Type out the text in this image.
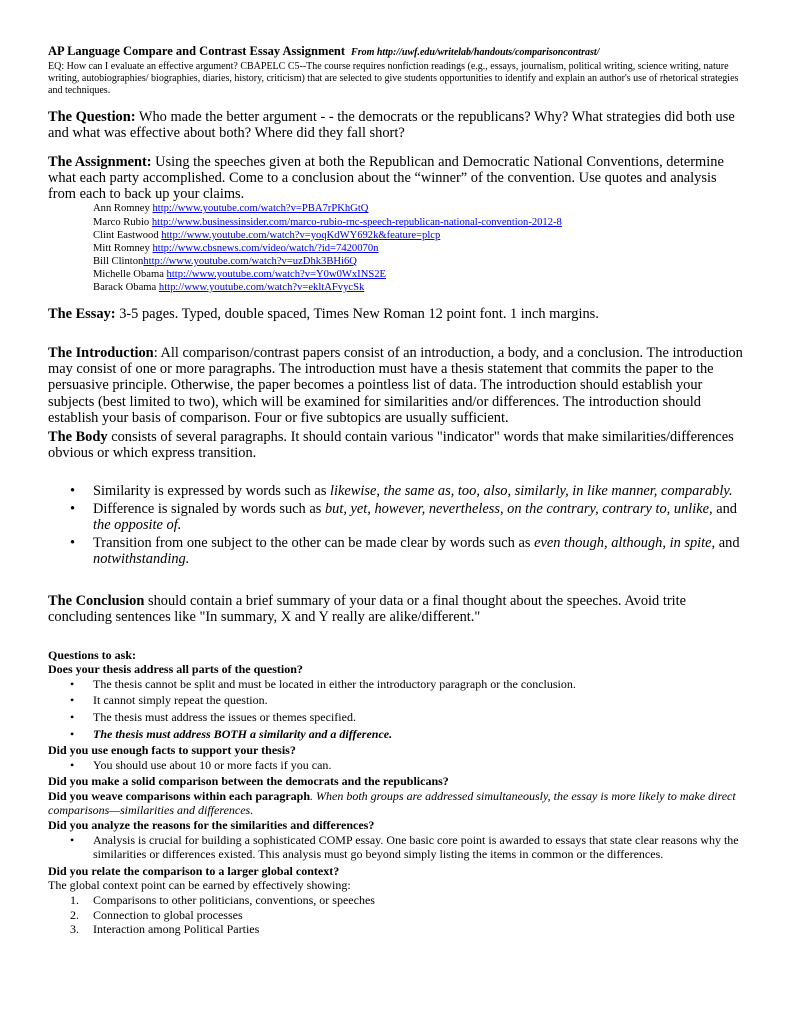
AP Language Compare and Contrast Essay Assignment From http://uwf.edu/writelab/handouts/comparisoncontrast/

EQ: How can I evaluate an effective argument? CBAPELC C5--The course requires nonfiction readings (e.g., essays, journalism, political writing, science writing, nature writing, autobiographies/ biographies, diaries, history, criticism) that are selected to give students opportunities to identify and explain an author's use of rhetorical strategies and techniques.

The Question: Who made the better argument - - the democrats or the republicans? Why? What strategies did both use and what was effective about both? Where did they fall short?

The Assignment: Using the speeches given at both the Republican and Democratic National Conventions, determine what each party accomplished. Come to a conclusion about the “winner” of the convention. Use quotes and analysis from each to back up your claims.

Ann Romney http://www.youtube.com/watch?v=PBA7rPKhGtQ
Marco Rubio http://www.businessinsider.com/marco-rubio-rnc-speech-republican-national-convention-2012-8
Clint Eastwood http://www.youtube.com/watch?v=yoqKdWY692k&feature=plcp
Mitt Romney http://www.cbsnews.com/video/watch/?id=7420070n
Bill Clintonhttp://www.youtube.com/watch?v=uzDhk3BHi6Q
Michelle Obama http://www.youtube.com/watch?v=Y0w0WxINS2E
Barack Obama http://www.youtube.com/watch?v=ekltAFvycSk

The Essay: 3-5 pages. Typed, double spaced, Times New Roman 12 point font. 1 inch margins.

The Introduction: All comparison/contrast papers consist of an introduction, a body, and a conclusion. The introduction may consist of one or more paragraphs. The introduction must have a thesis statement that commits the paper to the persuasive principle. Otherwise, the paper becomes a pointless list of data. The introduction should establish your subjects (best limited to two), which will be examined for similarities and/or differences. The introduction should establish your basis of comparison. Four or five subtopics are usually sufficient.

The Body consists of several paragraphs. It should contain various "indicator" words that make similarities/differences obvious or which express transition.

• Similarity is expressed by words such as likewise, the same as, too, also, similarly, in like manner, comparably.
• Difference is signaled by words such as but, yet, however, nevertheless, on the contrary, contrary to, unlike, and the opposite of.
• Transition from one subject to the other can be made clear by words such as even though, although, in spite, and notwithstanding.

The Conclusion should contain a brief summary of your data or a final thought about the speeches. Avoid trite concluding sentences like "In summary, X and Y really are alike/different."

Questions to ask:

Does your thesis address all parts of the question?

• The thesis cannot be split and must be located in either the introductory paragraph or the conclusion.
• It cannot simply repeat the question.
• The thesis must address the issues or themes specified.
• The thesis must address BOTH a similarity and a difference.

Did you use enough facts to support your thesis?

• You should use about 10 or more facts if you can.

Did you make a solid comparison between the democrats and the republicans?

Did you weave comparisons within each paragraph. When both groups are addressed simultaneously, the essay is more likely to make direct comparisons—similarities and differences.

Did you analyze the reasons for the similarities and differences?

• Analysis is crucial for building a sophisticated COMP essay. One basic core point is awarded to essays that state clear reasons why the similarities or differences existed. This analysis must go beyond simply listing the items in common or the differences.

Did you relate the comparison to a larger global context?

The global context point can be earned by effectively showing:

1. Comparisons to other politicians, conventions, or speeches
2. Connection to global processes
3. Interaction among Political Parties
